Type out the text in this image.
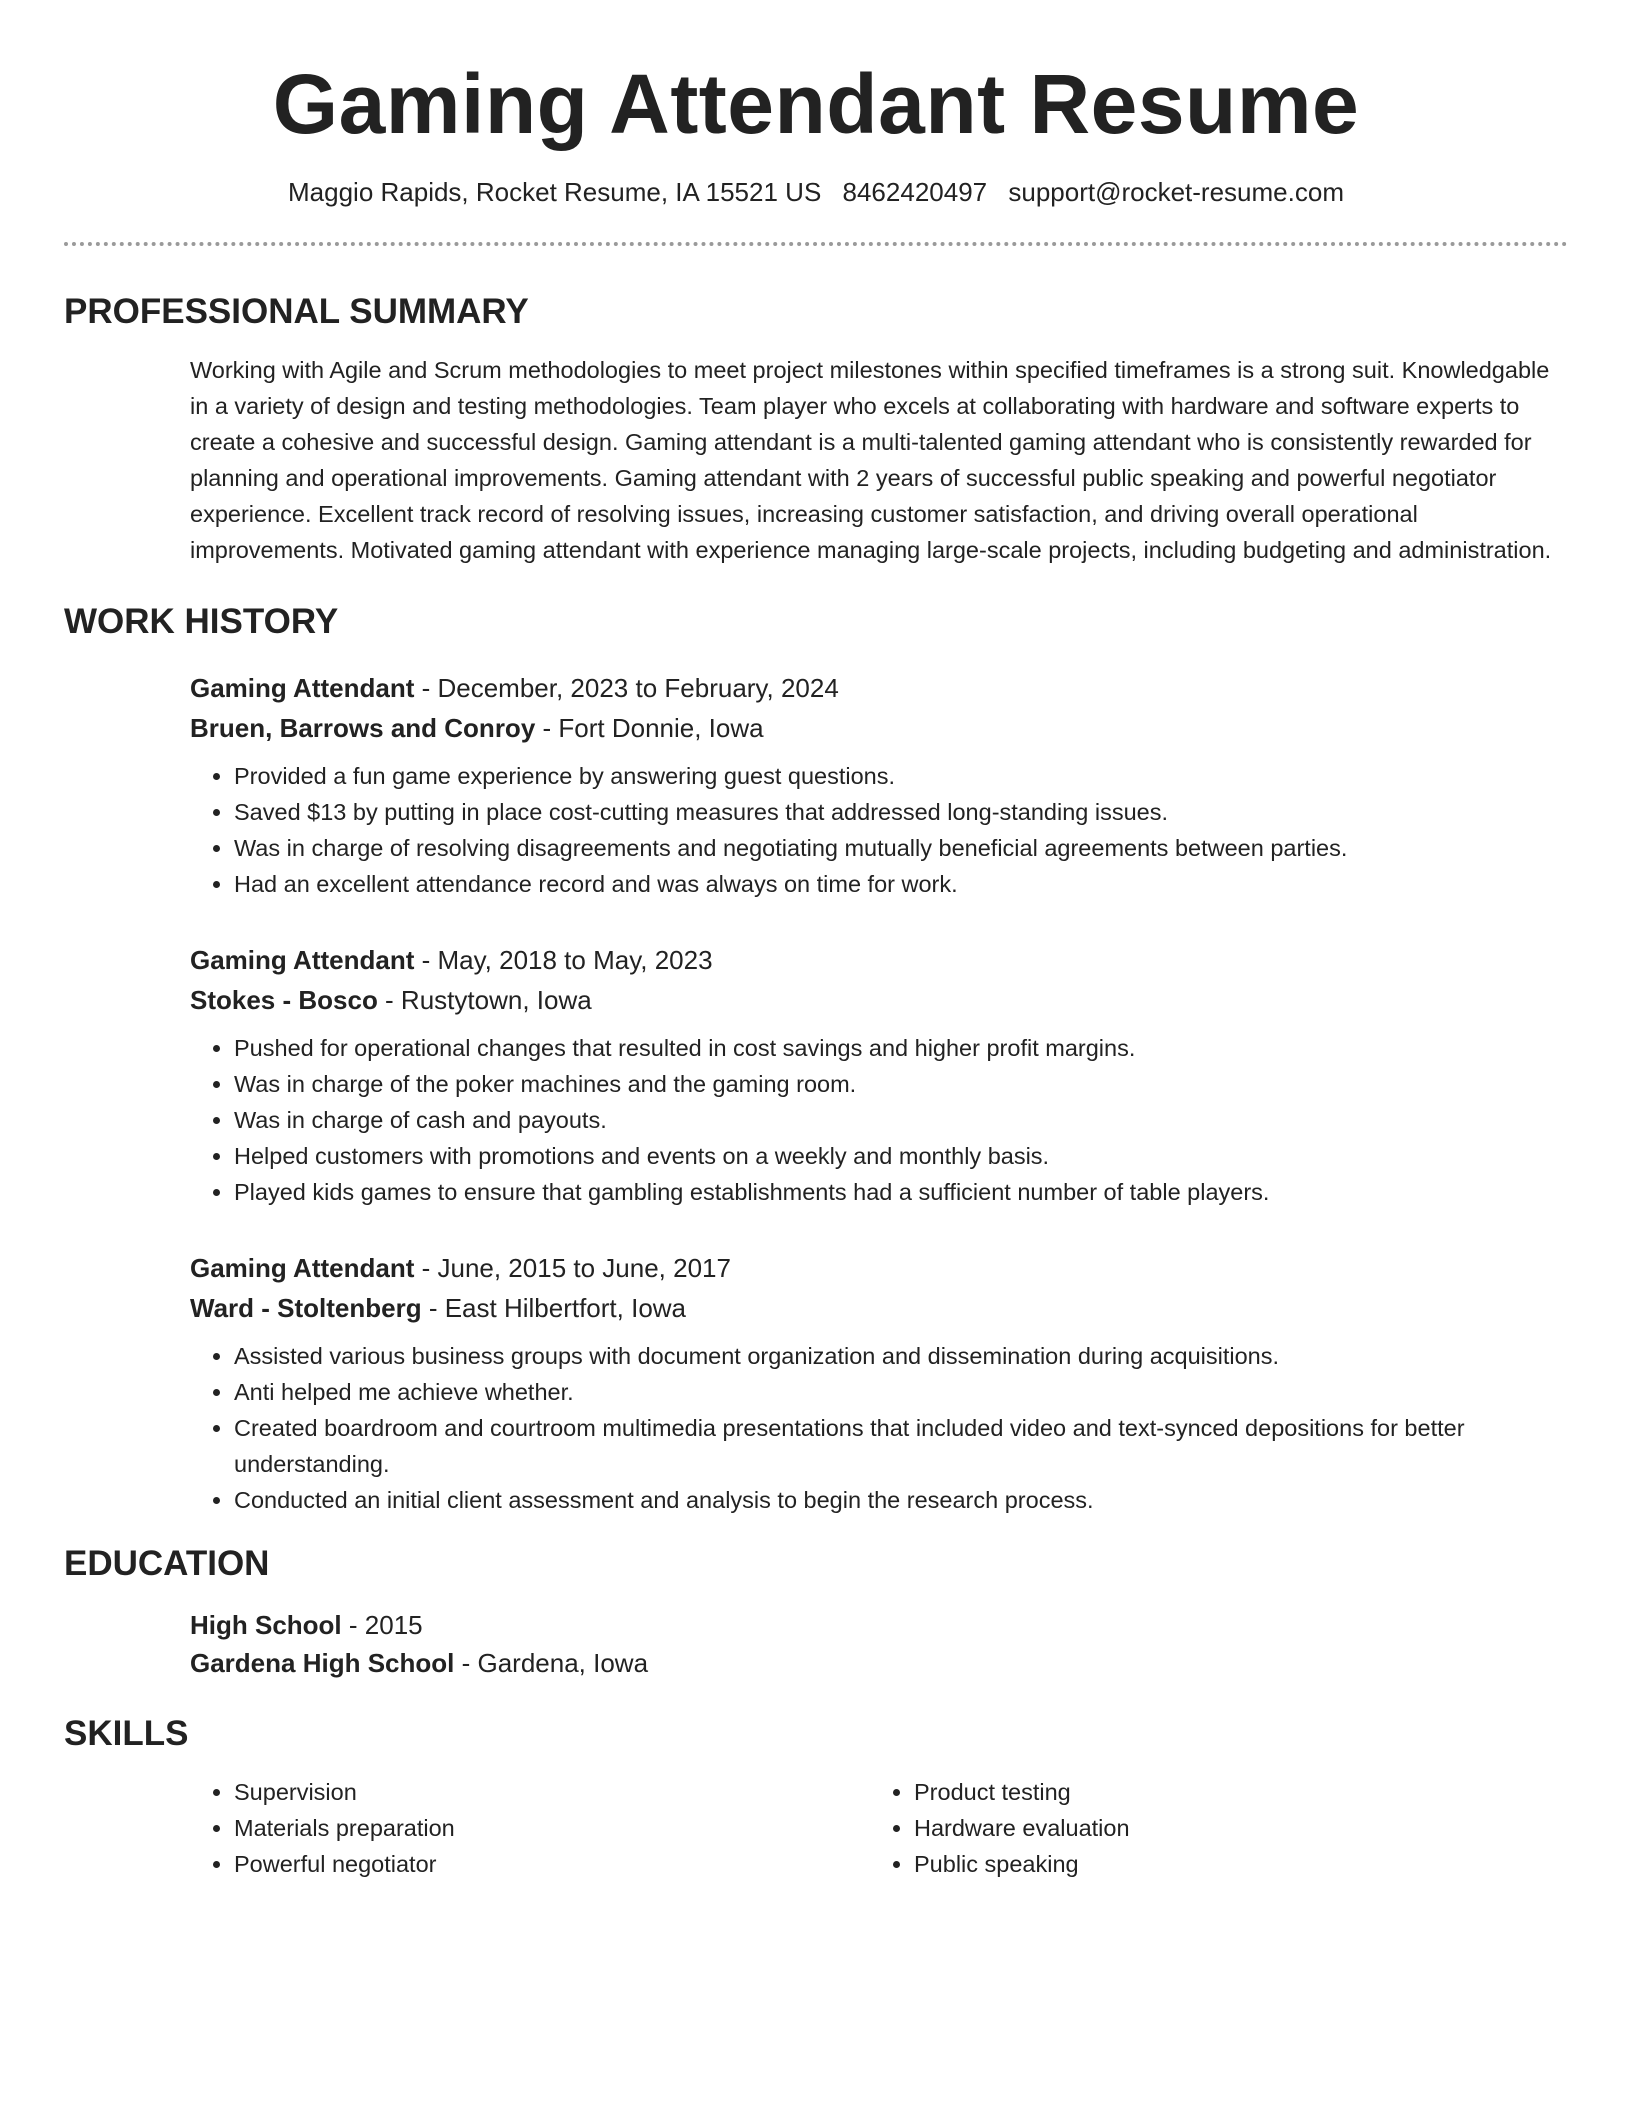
Gaming Attendant Resume
Maggio Rapids, Rocket Resume, IA 15521 US 8462420497 support@rocket-resume.com
PROFESSIONAL SUMMARY

Working with Agile and Scrum methodologies to meet project milestones within specified timeframes is a strong suit. Knowledgable in a variety of design and testing methodologies. Team player who excels at collaborating with hardware and software experts to create a cohesive and successful design. Gaming attendant is a multi-talented gaming attendant who is consistently rewarded for planning and operational improvements. Gaming attendant with 2 years of successful public speaking and powerful negotiator experience. Excellent track record of resolving issues, increasing customer satisfaction, and driving overall operational improvements. Motivated gaming attendant with experience managing large-scale projects, including budgeting and administration.

WORK HISTORY
Gaming Attendant - December, 2023 to February, 2024
Bruen, Barrows and Conroy - Fort Donnie, Iowa
• Provided a fun game experience by answering guest questions.
• Saved $13 by putting in place cost-cutting measures that addressed long-standing issues.
• Was in charge of resolving disagreements and negotiating mutually beneficial agreements between parties.
• Had an excellent attendance record and was always on time for work.
Gaming Attendant - May, 2018 to May, 2023
Stokes - Bosco - Rustytown, Iowa
• Pushed for operational changes that resulted in cost savings and higher profit margins.
• Was in charge of the poker machines and the gaming room.
• Was in charge of cash and payouts.
• Helped customers with promotions and events on a weekly and monthly basis.
• Played kids games to ensure that gambling establishments had a sufficient number of table players.
Gaming Attendant - June, 2015 to June, 2017
Ward - Stoltenberg - East Hilbertfort, Iowa
• Assisted various business groups with document organization and dissemination during acquisitions.
• Anti helped me achieve whether.
• Created boardroom and courtroom multimedia presentations that included video and text-synced depositions for better understanding.
• Conducted an initial client assessment and analysis to begin the research process.
EDUCATION
High School - 2015
Gardena High School - Gardena, Iowa
SKILLS
• Supervision
• Materials preparation
• Powerful negotiator
• Product testing
• Hardware evaluation
• Public speaking
